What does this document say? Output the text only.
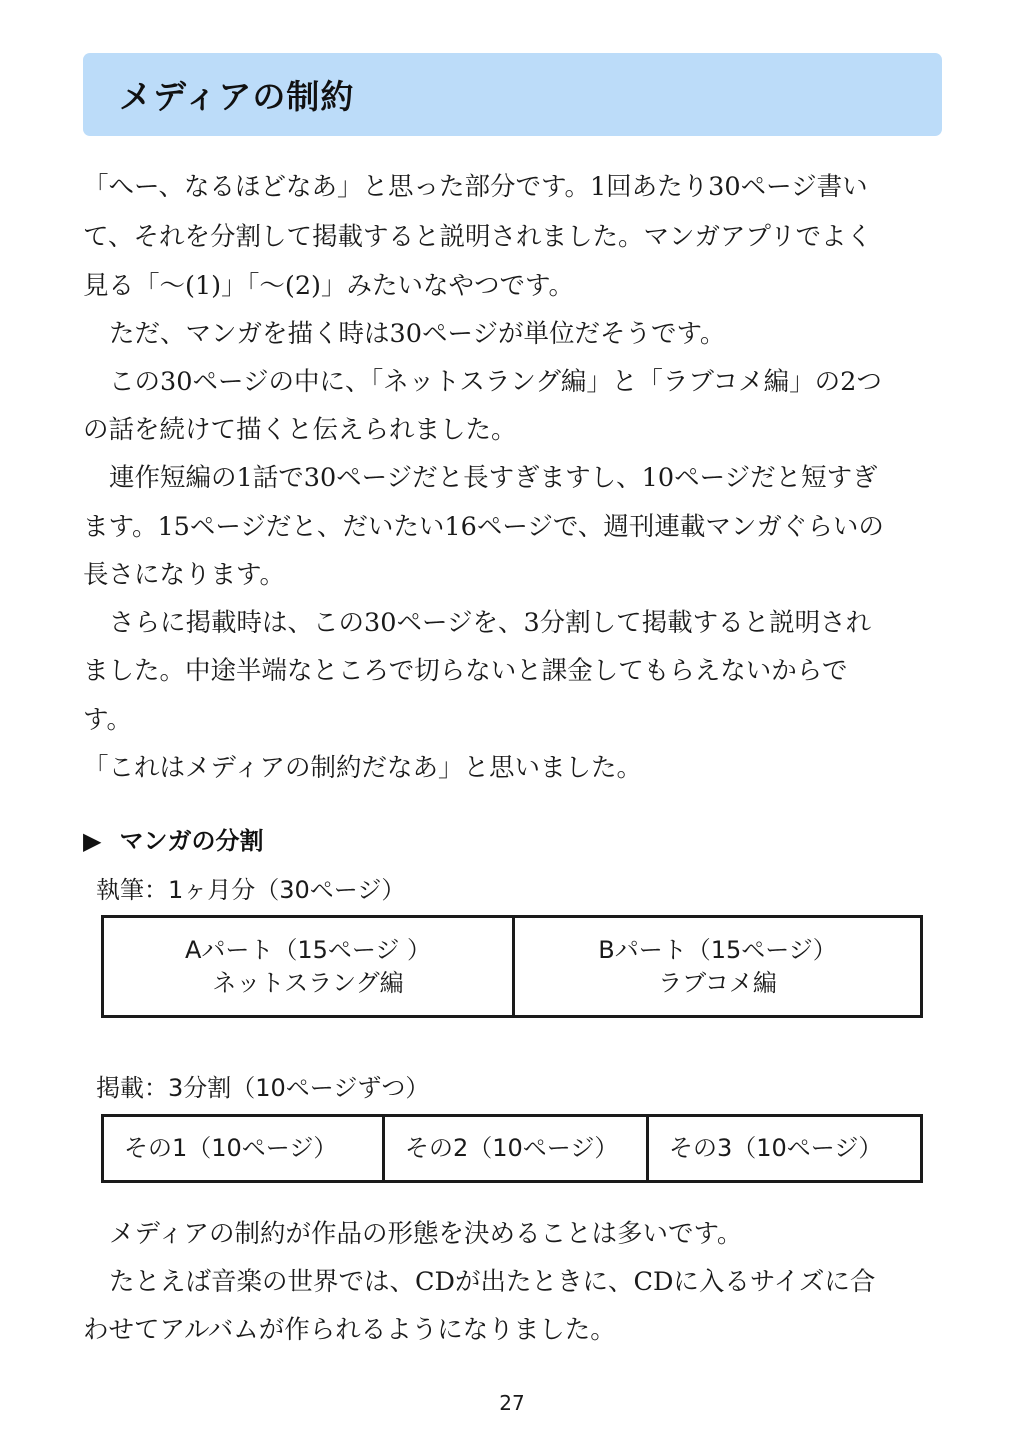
メディアの制約
「へー、なるほどなあ」と思った部分です。1回あたり30ページ書い
て、それを分割して掲載すると説明されました。マンガアプリでよく
見る「～(1)」「～(2)」みたいなやつです。
ただ、マンガを描く時は30ページが単位だそうです。
この30ページの中に、「ネットスラング編」と「ラブコメ編」の2つ
の話を続けて描くと伝えられました。
連作短編の1話で30ページだと長すぎますし、10ページだと短すぎ
ます。15ページだと、だいたい16ページで、週刊連載マンガぐらいの
長さになります。
さらに掲載時は、この30ページを、3分割して掲載すると説明され
ました。中途半端なところで切らないと課金してもらえないからで
す。
「これはメディアの制約だなあ」と思いました。
▶ マンガの分割
執筆：1ヶ月分（30ページ）
Aパート（15ページ ）
ネットスラング編
Bパート（15ページ）
ラブコメ編
掲載：3分割（10ページずつ）
その1（10ページ）	その2（10ページ）	その3（10ページ）
メディアの制約が作品の形態を決めることは多いです。
たとえば音楽の世界では、CDが出たときに、CDに入るサイズに合
わせてアルバムが作られるようになりました。
27
